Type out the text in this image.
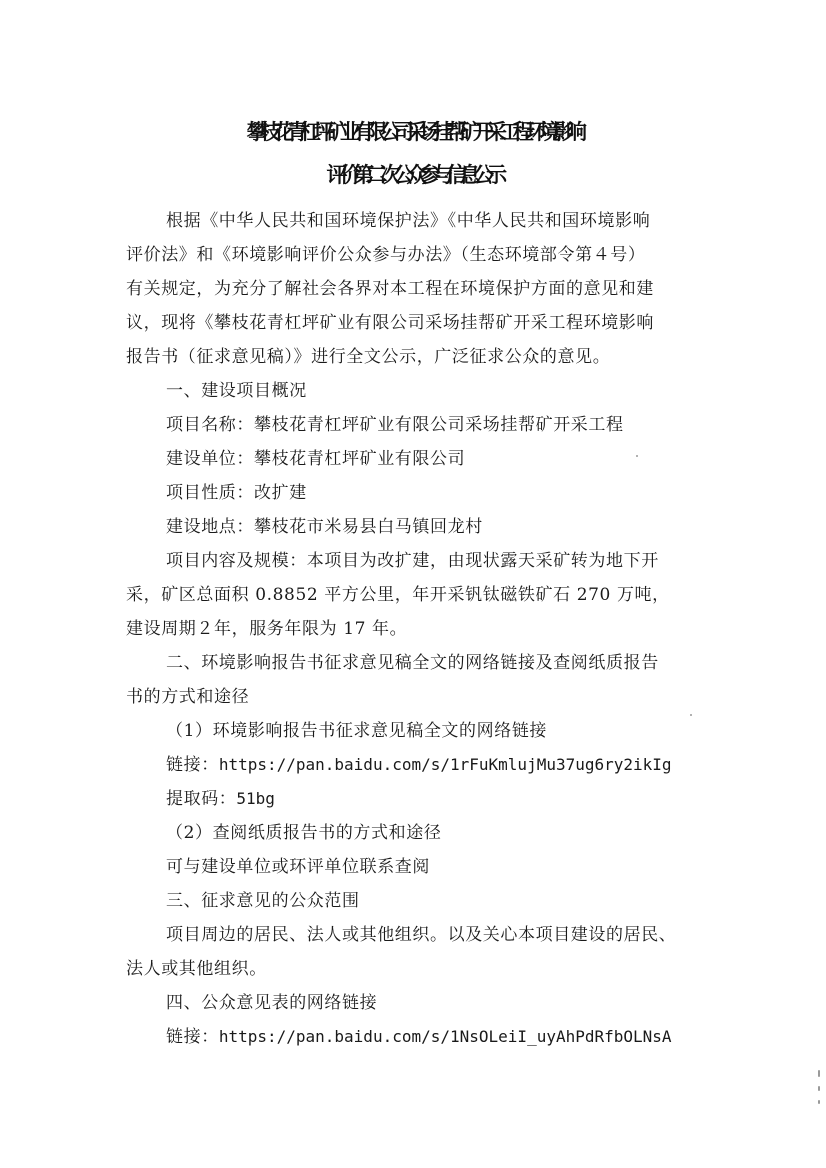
攀枝花青杠坪矿业有限公司采场挂帮矿开采工程环境影响
评价第二次公众参与信息公示
根据《中华人民共和国环境保护法》《中华人民共和国环境影响
评价法》和《环境影响评价公众参与办法》（生态环境部令第４号）
有关规定，为充分了解社会各界对本工程在环境保护方面的意见和建
议，现将《攀枝花青杠坪矿业有限公司采场挂帮矿开采工程环境影响
报告书（征求意见稿）》进行全文公示，广泛征求公众的意见。
一、建设项目概况
项目名称：攀枝花青杠坪矿业有限公司采场挂帮矿开采工程
建设单位：攀枝花青杠坪矿业有限公司
项目性质：改扩建
建设地点：攀枝花市米易县白马镇回龙村
项目内容及规模：本项目为改扩建，由现状露天采矿转为地下开
采，矿区总面积 0.8852 平方公里，年开采钒钛磁铁矿石 270 万吨，
建设周期２年，服务年限为 17 年。
二、环境影响报告书征求意见稿全文的网络链接及查阅纸质报告
书的方式和途径
（1）环境影响报告书征求意见稿全文的网络链接
链接：https://pan.baidu.com/s/1rFuKmlujMu37ug6ry2ikIg
提取码：51bg
（2）查阅纸质报告书的方式和途径
可与建设单位或环评单位联系查阅
三、征求意见的公众范围
项目周边的居民、法人或其他组织。以及关心本项目建设的居民、
法人或其他组织。
四、公众意见表的网络链接
链接：https://pan.baidu.com/s/1NsOLeiI_uyAhPdRfbOLNsA
